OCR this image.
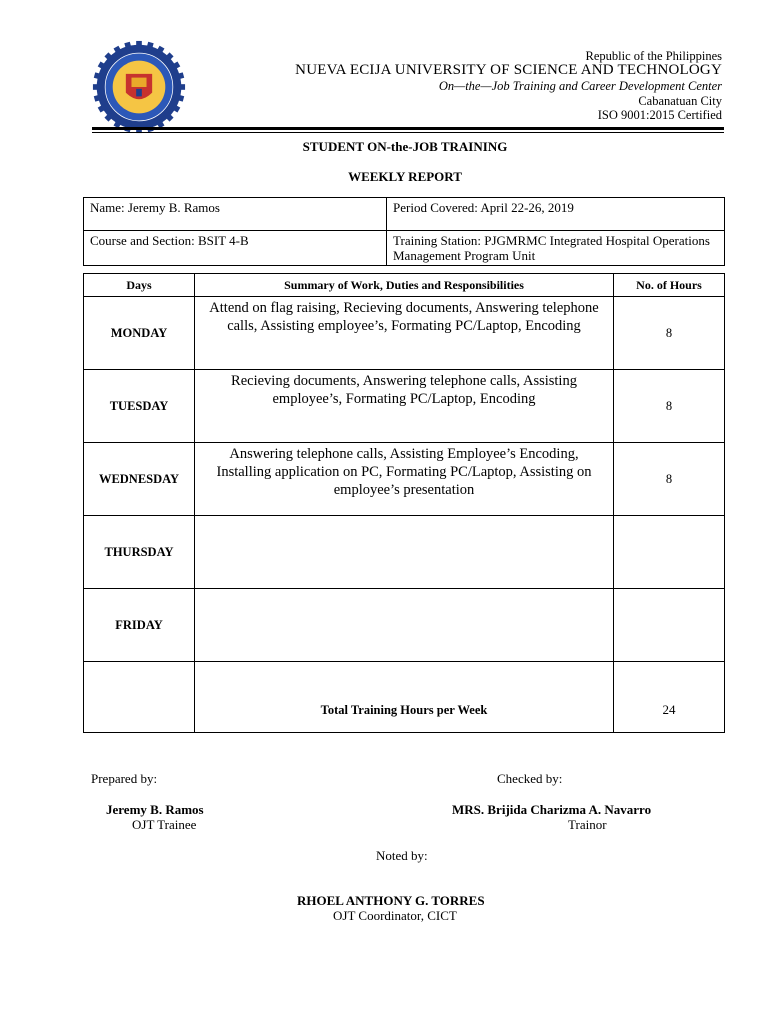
Republic of the Philippines
NUEVA ECIJA UNIVERSITY OF SCIENCE AND TECHNOLOGY
On—the—Job Training and Career Development Center
Cabanatuan City
ISO 9001:2015 Certified
STUDENT ON-the-JOB TRAINING
WEEKLY REPORT
Name: Jeremy B. Ramos	Period Covered: April 22-26, 2019
Course and Section: BSIT 4-B	Training Station: PJGMRMC Integrated Hospital Operations Management Program Unit
Days	Summary of Work, Duties and Responsibilities	No. of Hours
MONDAY	Attend on flag raising, Recieving documents, Answering telephone calls, Assisting employee’s, Formating PC/Laptop, Encoding	8
TUESDAY	Recieving documents, Answering telephone calls, Assisting employee’s, Formating PC/Laptop, Encoding	8
WEDNESDAY	Answering telephone calls, Assisting Employee’s Encoding, Installing application on PC, Formating PC/Laptop, Assisting on employee’s presentation	8
THURSDAY		
FRIDAY		
	Total Training Hours per Week	24
Prepared by:
Jeremy B. Ramos
OJT Trainee
Checked by:
MRS. Brijida Charizma A. Navarro
Trainor
Noted by:
RHOEL ANTHONY G. TORRES
OJT Coordinator, CICT
